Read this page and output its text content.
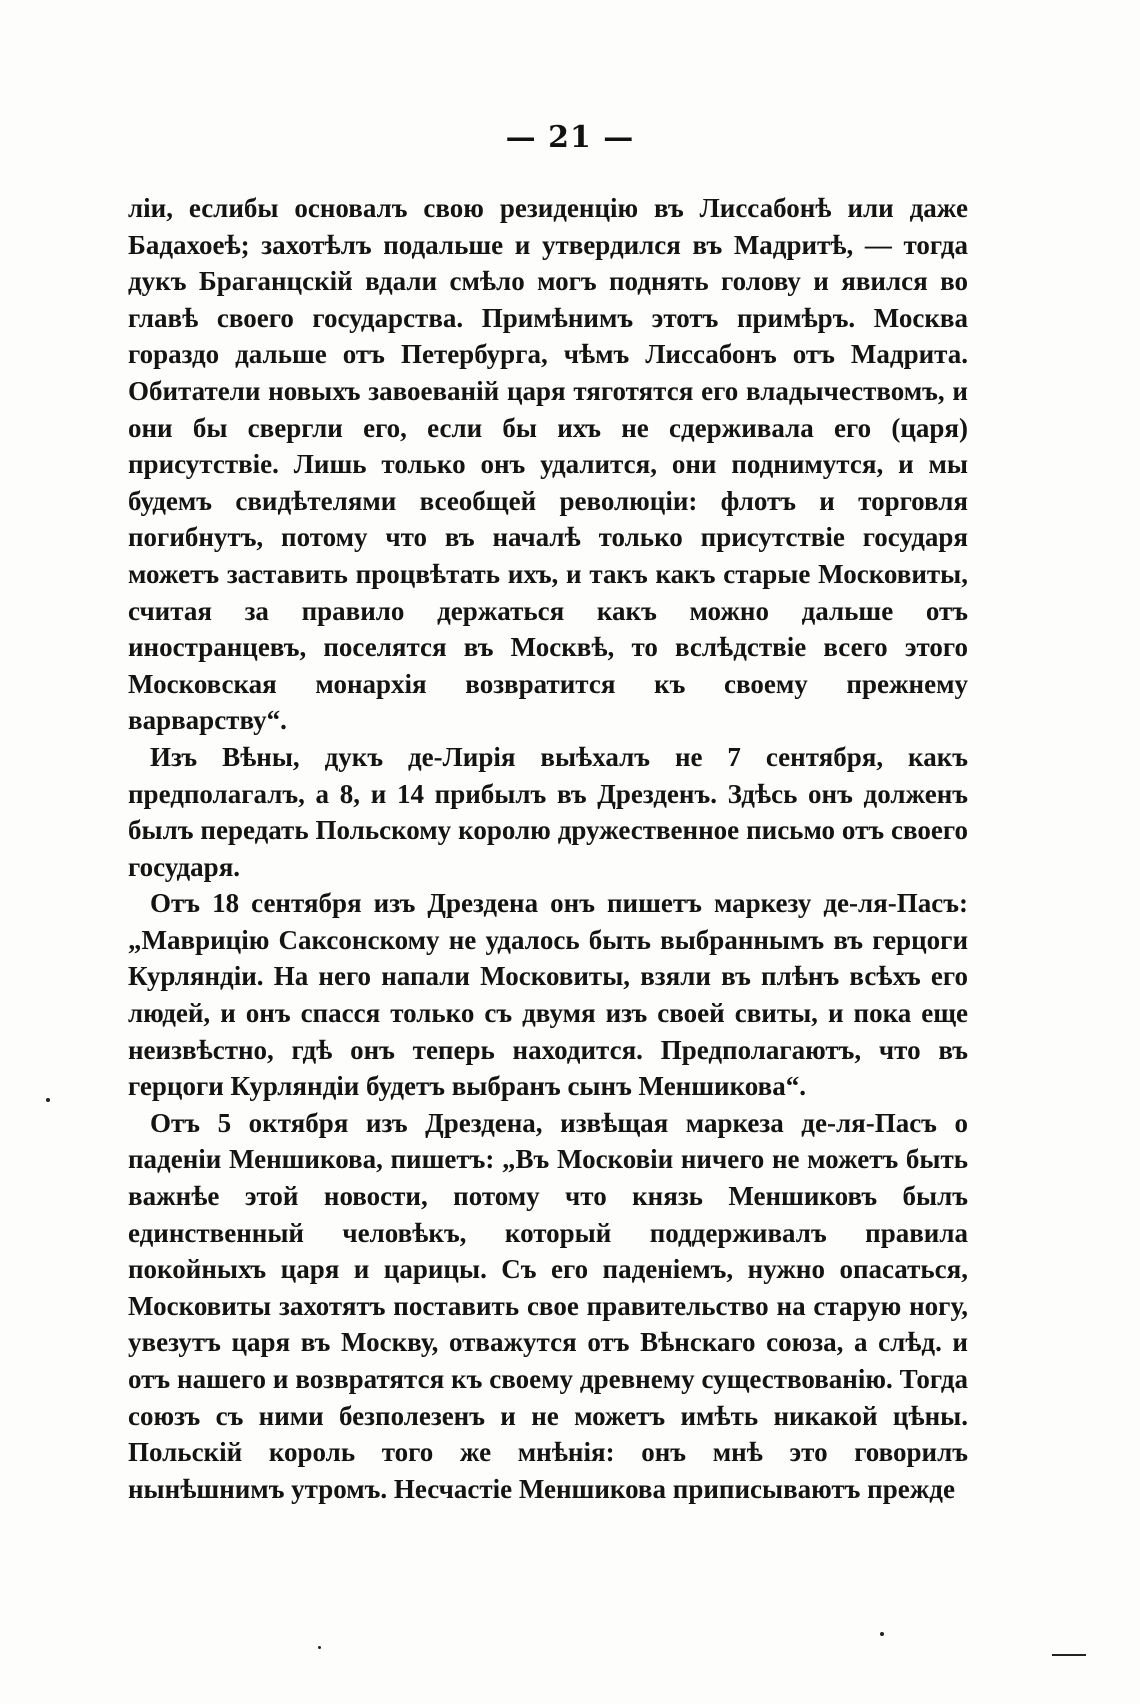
— 21 —

ліи, еслибы основалъ свою резиденцію въ Лиссабонѣ или даже Бадахоеѣ; захотѣлъ подальше и утвердился въ Мадритѣ, — тогда дукъ Браганцскій вдали смѣло могъ поднять голову и явился во главѣ своего государства. Примѣнимъ этотъ примѣръ. Москва гораздо дальше отъ Петербурга, чѣмъ Лиссабонъ отъ Мадрита. Обитатели новыхъ завоеваній царя тяготятся его владычествомъ, и они бы свергли его, если бы ихъ не сдерживала его (царя) присутствіе. Лишь только онъ удалится, они поднимутся, и мы будемъ свидѣтелями всеобщей революціи: флотъ и торговля погибнутъ, потому что въ началѣ только присутствіе государя можетъ заставить процвѣтать ихъ, и такъ какъ старые Московиты, считая за правило держаться какъ можно дальше отъ иностранцевъ, поселятся въ Москвѣ, то вслѣдствіе всего этого Московская монархія возвратится къ своему прежнему варварству“.

Изъ Вѣны, дукъ де-Лирія выѣхалъ не 7 сентября, какъ предполагалъ, а 8, и 14 прибылъ въ Дрезденъ. Здѣсь онъ долженъ былъ передать Польскому королю дружественное письмо отъ своего государя.

Отъ 18 сентября изъ Дрездена онъ пишетъ маркезу де-ля-Пасъ: „Маврицію Саксонскому не удалось быть выбраннымъ въ герцоги Курляндіи. На него напали Московиты, взяли въ плѣнъ всѣхъ его людей, и онъ спасся только съ двумя изъ своей свиты, и пока еще неизвѣстно, гдѣ онъ теперь находится. Предполагаютъ, что въ герцоги Курляндіи будетъ выбранъ сынъ Меншикова“.

Отъ 5 октября изъ Дрездена, извѣщая маркеза де-ля-Пасъ о паденіи Меншикова, пишетъ: „Въ Московіи ничего не можетъ быть важнѣе этой новости, потому что князь Меншиковъ былъ единственный человѣкъ, который поддерживалъ правила покойныхъ царя и царицы. Съ его паденіемъ, нужно опасаться, Московиты захотятъ поставить свое правительство на старую ногу, увезутъ царя въ Москву, отважутся отъ Вѣнскаго союза, а слѣд. и отъ нашего и возвратятся къ своему древнему существованію. Тогда союзъ съ ними безполезенъ и не можетъ имѣть никакой цѣны. Польскій король того же мнѣнія: онъ мнѣ это говорилъ нынѣшнимъ утромъ. Несчастіе Меншикова приписываютъ прежде
